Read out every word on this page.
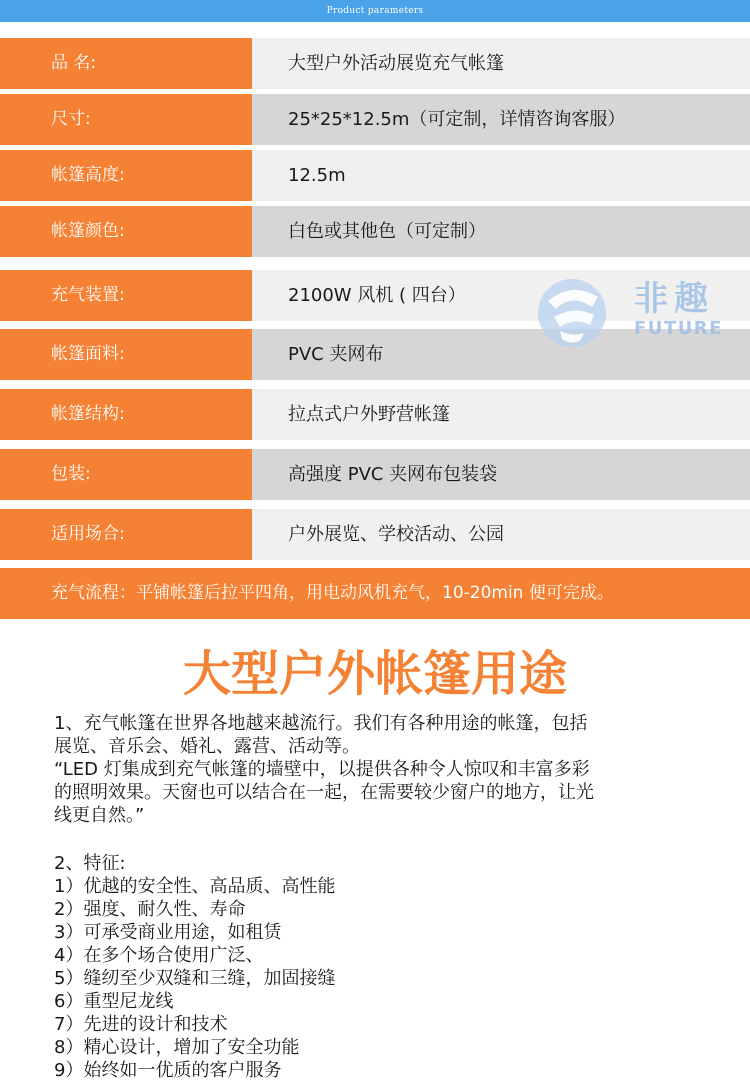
Product parameters
品 名:	大型户外活动展览充气帐篷
尺寸:	25*25*12.5m（可定制，详情咨询客服）
帐篷高度:	12.5m
帐篷颜色:	白色或其他色（可定制）
充气装置:	2100W 风机 ( 四台）
帐篷面料:	PVC 夹网布
帐篷结构:	拉点式户外野营帐篷
包装:	高强度 PVC 夹网布包装袋
适用场合:	户外展览、学校活动、公园
充气流程：平铺帐篷后拉平四角，用电动风机充气，10-20min 便可完成。
非趣
FUTURE
大型户外帐篷用途

1、充气帐篷在世界各地越来越流行。我们有各种用途的帐篷，包括

展览、音乐会、婚礼、露营、活动等。

“LED 灯集成到充气帐篷的墙壁中，以提供各种令人惊叹和丰富多彩

的照明效果。天窗也可以结合在一起，在需要较少窗户的地方，让光

线更自然。”

2、特征:

1）优越的安全性、高品质、高性能

2）强度、耐久性、寿命

3）可承受商业用途，如租赁

4）在多个场合使用广泛、

5）缝纫至少双缝和三缝，加固接缝

6）重型尼龙线

7）先进的设计和技术

8）精心设计，增加了安全功能

9）始终如一优质的客户服务
